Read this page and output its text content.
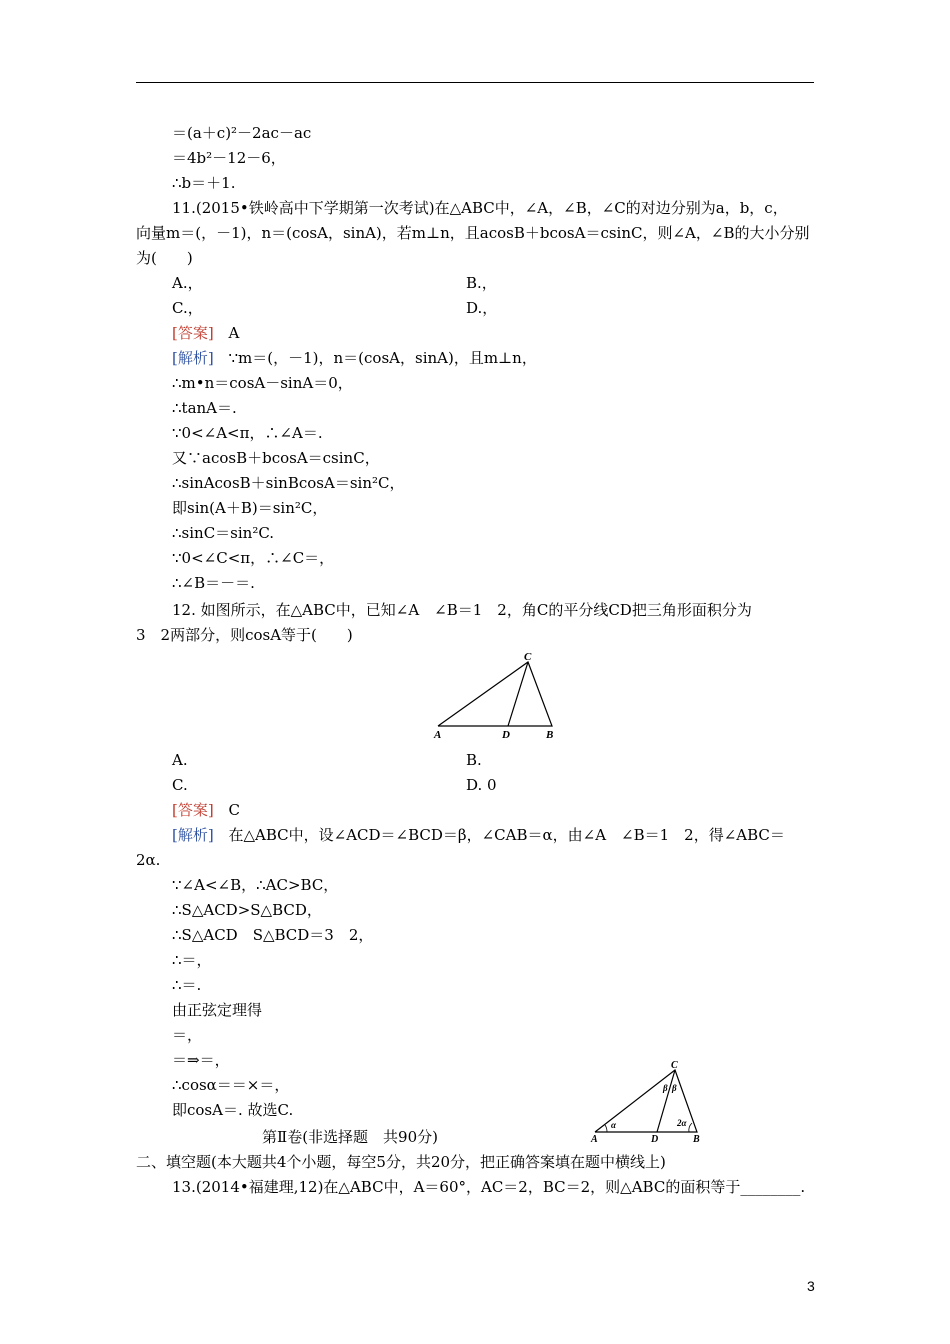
＝(a＋c)²－2ac－ac
＝4b²－12－6，
∴b＝＋1.
11.(2015•铁岭高中下学期第一次考试)在△ABC中，∠A，∠B，∠C的对边分别为a，b，c，
向量m＝(，－1)，n＝(cosA，sinA)，若m⊥n，且acosB＋bcosA＝csinC，则∠A，∠B的大小分别
为(　　)
A.，	B.，
C.，	D.，
[答案] A
[解析] ∵m＝(，－1)，n＝(cosA，sinA)，且m⊥n，
∴m•n＝cosA－sinA＝0，
∴tanA＝.
∵0<∠A<π，∴∠A＝.
又∵acosB＋bcosA＝csinC，
∴sinAcosB＋sinBcosA＝sin²C，
即sin(A＋B)＝sin²C，
∴sinC＝sin²C.
∵0<∠C<π，∴∠C＝，
∴∠B＝－＝.
12. 如图所示，在△ABC中，已知∠A　∠B＝1　2，角C的平分线CD把三角形面积分为
3　2两部分，则cosA等于(　　)
A	D	B
C
A.	B.
C.	D. 0
[答案] C
[解析] 在△ABC中，设∠ACD＝∠BCD＝β，∠CAB＝α，由∠A　∠B＝1　2，得∠ABC＝
2α.
∵∠A<∠B，∴AC>BC，
∴S△ACD>S△BCD，
∴S△ACD　S△BCD＝3　2，
∴＝，
∴＝.
由正弦定理得
＝，
＝⇒＝，
∴cosα＝＝×＝，
即cosA＝. 故选C.
A	D	B
C
α	2α
β β
第Ⅱ卷(非选择题　共90分)
二、填空题(本大题共4个小题，每空5分，共20分，把正确答案填在题中横线上)
13.(2014•福建理,12)在△ABC中，A＝60°，AC＝2，BC＝2，则△ABC的面积等于________.
3
